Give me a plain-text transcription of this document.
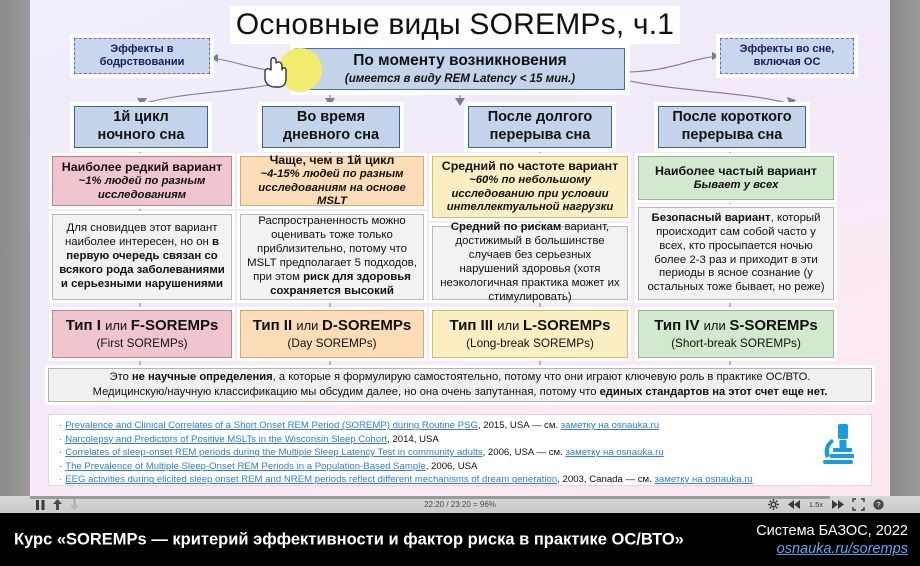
Основные виды SOREMPs, ч.1
Эффекты в
бодрствовании
Эффекты во сне,
включая ОС
По моменту возникновения
(имеется в виду REM Latency < 15 мин.)
1й цикл
ночного сна
Наиболее редкий вариант
~1% людей по разным
исследованиям
Для сновидцев этот вариант наиболее интересен, но он в первую очередь связан со всякого рода заболеваниями и серьезными нарушениями
Тип I или F-SOREMPs
(First SOREMPs)
Во время
дневного сна
Чаще, чем в 1й цикл
~4-15% людей по разным
исследованиям на основе MSLT
Распространенность можно оценивать тоже только приблизительно, потому что MSLT предполагает 5 подходов, при этом риск для здоровья сохраняется высокий
Тип II или D-SOREMPs
(Day SOREMPs)
После долгого
перерыва сна
Средний по частоте вариант
~60% по небольшому
исследованию при условии
интеллектуальной нагрузки
Средний по рискам вариант, достижимый в большинстве случаев без серьезных нарушений здоровья (хотя неэкологичная практика может их стимулировать)
Тип III или L-SOREMPs
(Long-break SOREMPs)
После короткого
перерыва сна
Наиболее частый вариант
Бывает у всех
Безопасный вариант, который происходит сам собой часто у всех, кто просыпается ночью более 2-3 раз и приходит в эти периоды в ясное сознание (у остальных тоже бывает, но реже)
Тип IV или S-SOREMPs
(Short-break SOREMPs)
Это не научные определения, а которые я формулирую самостоятельно, потому что они играют ключевую роль в практике ОС/ВТО.
Медицинскую/научную классификацию мы обсудим далее, но она очень запутанная, потому что единых стандартов на этот счет еще нет.
· Prevalence and Clinical Correlates of a Short Onset REM Period (SOREMP) during Routine PSG, 2015, USA — см. заметку на osnauka.ru
· Narcolepsy and Predictors of Positive MSLTs in the Wisconsin Sleep Cohort, 2014, USA
· Correlates of sleep-onset REM periods during the Multiple Sleep Latency Test in community adults, 2006, USA — см. заметку на osnauka.ru
· The Prevalence of Multiple Sleep-Onset REM Periods in a Population-Based Sample, 2006, USA
· EEG activities during elicited sleep onset REM and NREM periods reflect different mechanisms of dream generation, 2003, Canada — см. заметку на osnauka.ru
22:20 / 23:20 = 96%	1.5x	?
Курс «SOREMPs — критерий эффективности и фактор риска в практике ОС/ВТО»	Система БАЗОС, 2022
osnauka.ru/soremps
